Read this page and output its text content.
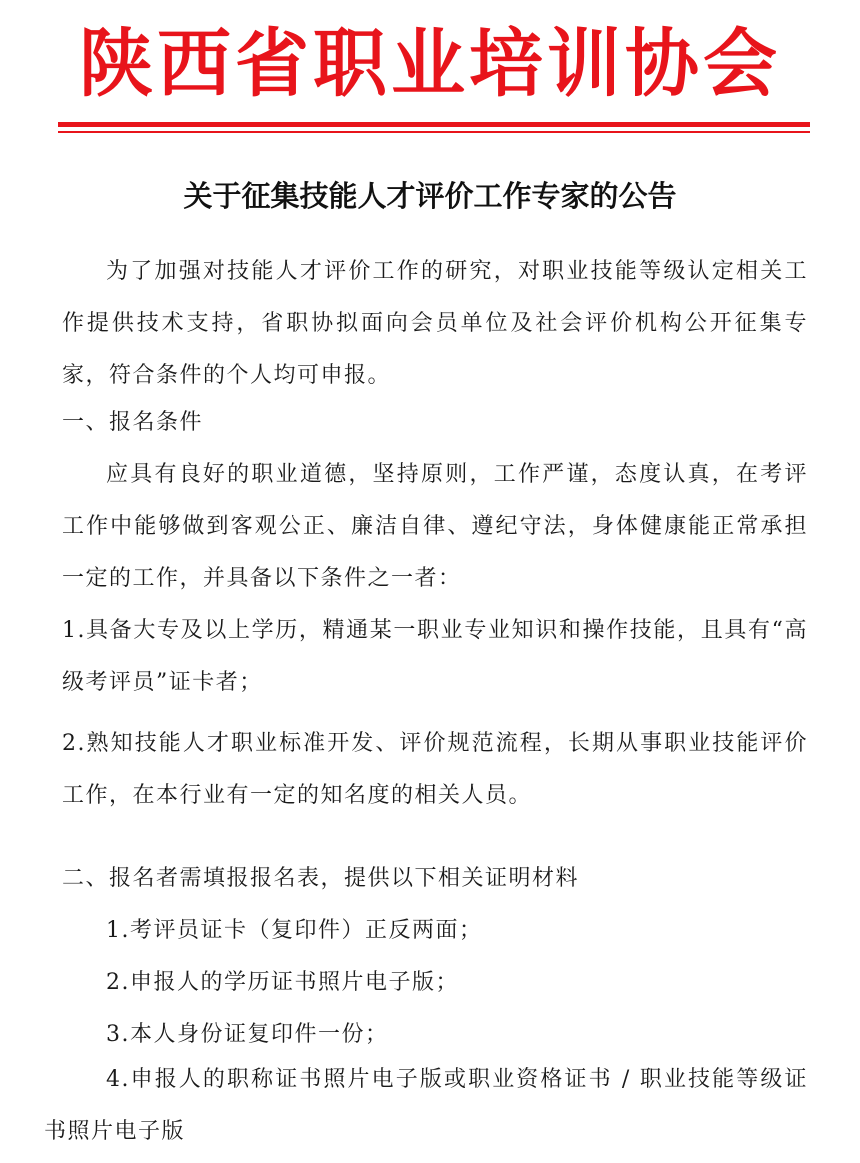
陕西省职业培训协会
关于征集技能人才评价工作专家的公告

为了加强对技能人才评价工作的研究，对职业技能等级认定相关工作提供技术支持，省职协拟面向会员单位及社会评价机构公开征集专家，符合条件的个人均可申报。

一、报名条件

应具有良好的职业道德，坚持原则，工作严谨，态度认真，在考评工作中能够做到客观公正、廉洁自律、遵纪守法，身体健康能正常承担一定的工作，并具备以下条件之一者：

1.具备大专及以上学历，精通某一职业专业知识和操作技能，且具有“高级考评员”证卡者；

2.熟知技能人才职业标准开发、评价规范流程，长期从事职业技能评价工作，在本行业有一定的知名度的相关人员。

二、报名者需填报报名表，提供以下相关证明材料

1.考评员证卡（复印件）正反两面；

2.申报人的学历证书照片电子版；

3.本人身份证复印件一份；

4.申报人的职称证书照片电子版或职业资格证书 / 职业技能等级证书照片电子版
